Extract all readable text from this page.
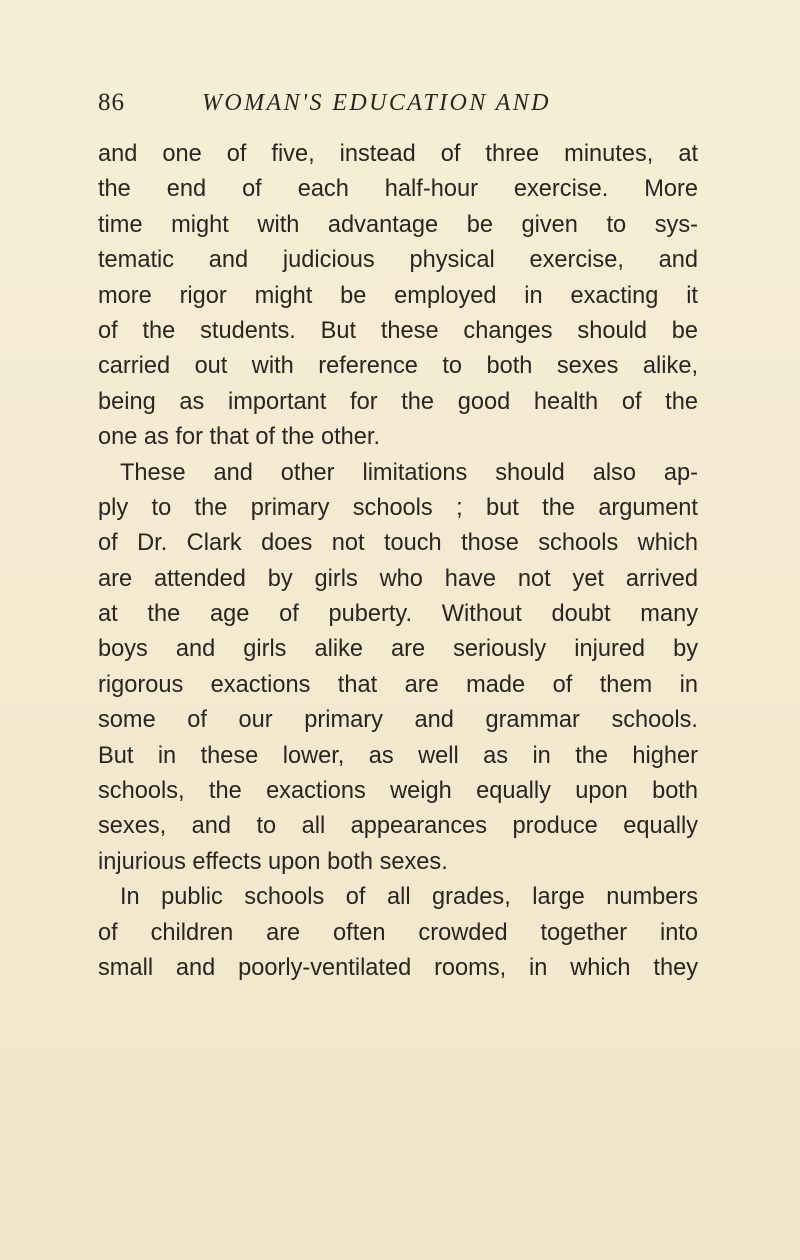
86	WOMAN'S EDUCATION AND
and one of five, instead of three minutes, at
the end of each half-hour exercise. More
time might with advantage be given to sys-
tematic and judicious physical exercise, and
more rigor might be employed in exacting it
of the students. But these changes should be
carried out with reference to both sexes alike,
being as important for the good health of the
one as for that of the other.
These and other limitations should also ap-
ply to the primary schools ; but the argument
of Dr. Clark does not touch those schools which
are attended by girls who have not yet arrived
at the age of puberty. Without doubt many
boys and girls alike are seriously injured by
rigorous exactions that are made of them in
some of our primary and grammar schools.
But in these lower, as well as in the higher
schools, the exactions weigh equally upon both
sexes, and to all appearances produce equally
injurious effects upon both sexes.
In public schools of all grades, large numbers
of children are often crowded together into
small and poorly-ventilated rooms, in which they
